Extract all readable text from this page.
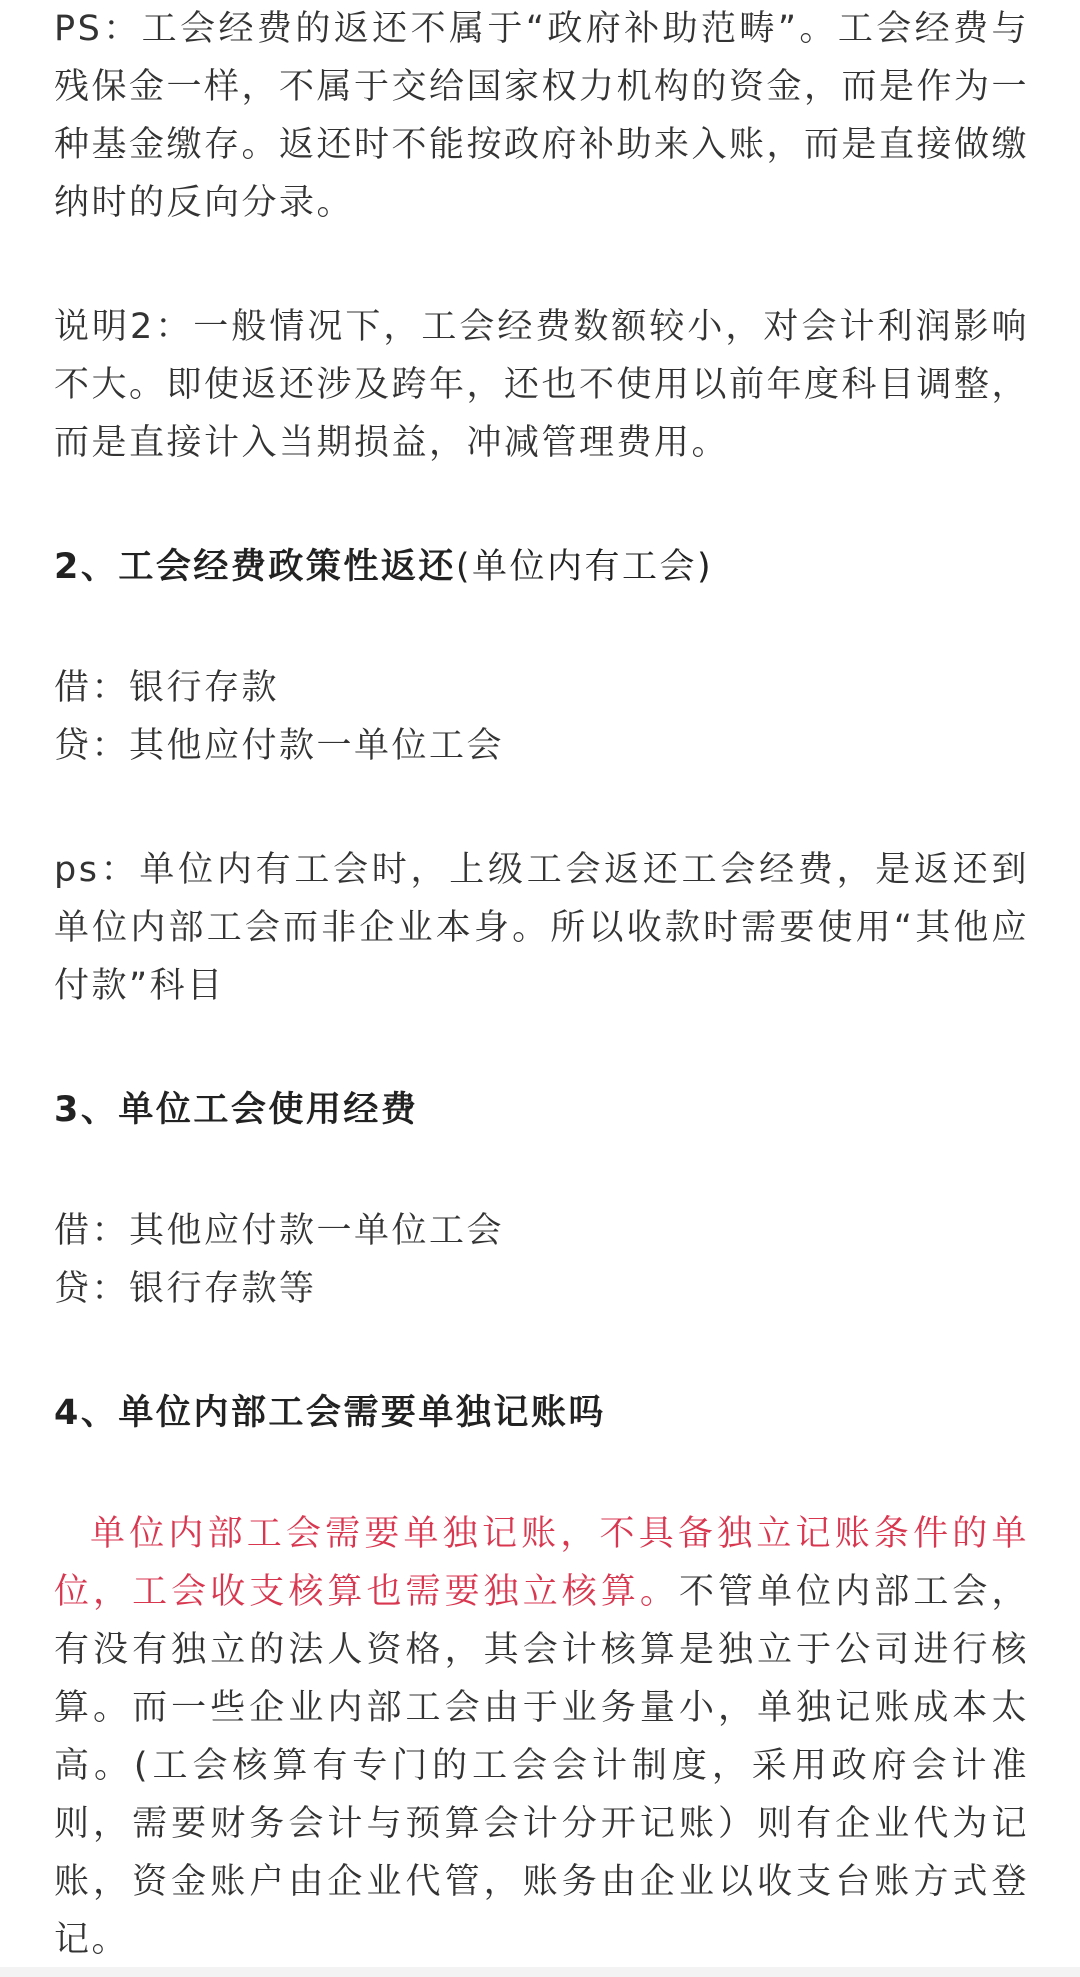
PS：工会经费的返还不属于“政府补助范畴”。工会经费与残保金一样，不属于交给国家权力机构的资金，而是作为一种基金缴存。返还时不能按政府补助来入账，而是直接做缴纳时的反向分录。

说明2：一般情况下，工会经费数额较小，对会计利润影响不大。即使返还涉及跨年，还也不使用以前年度科目调整，而是直接计入当期损益，冲减管理费用。

2、工会经费政策性返还(单位内有工会)

借：银行存款

贷：其他应付款一单位工会

ps：单位内有工会时，上级工会返还工会经费，是返还到单位内部工会而非企业本身。所以收款时需要使用“其他应付款”科目

3、单位工会使用经费

借：其他应付款一单位工会

贷：银行存款等

4、单位内部工会需要单独记账吗

单位内部工会需要单独记账，不具备独立记账条件的单位，工会收支核算也需要独立核算。不管单位内部工会，有没有独立的法人资格，其会计核算是独立于公司进行核算。而一些企业内部工会由于业务量小，单独记账成本太高。(工会核算有专门的工会会计制度，采用政府会计准则，需要财务会计与预算会计分开记账）则有企业代为记账，资金账户由企业代管，账务由企业以收支台账方式登记。
